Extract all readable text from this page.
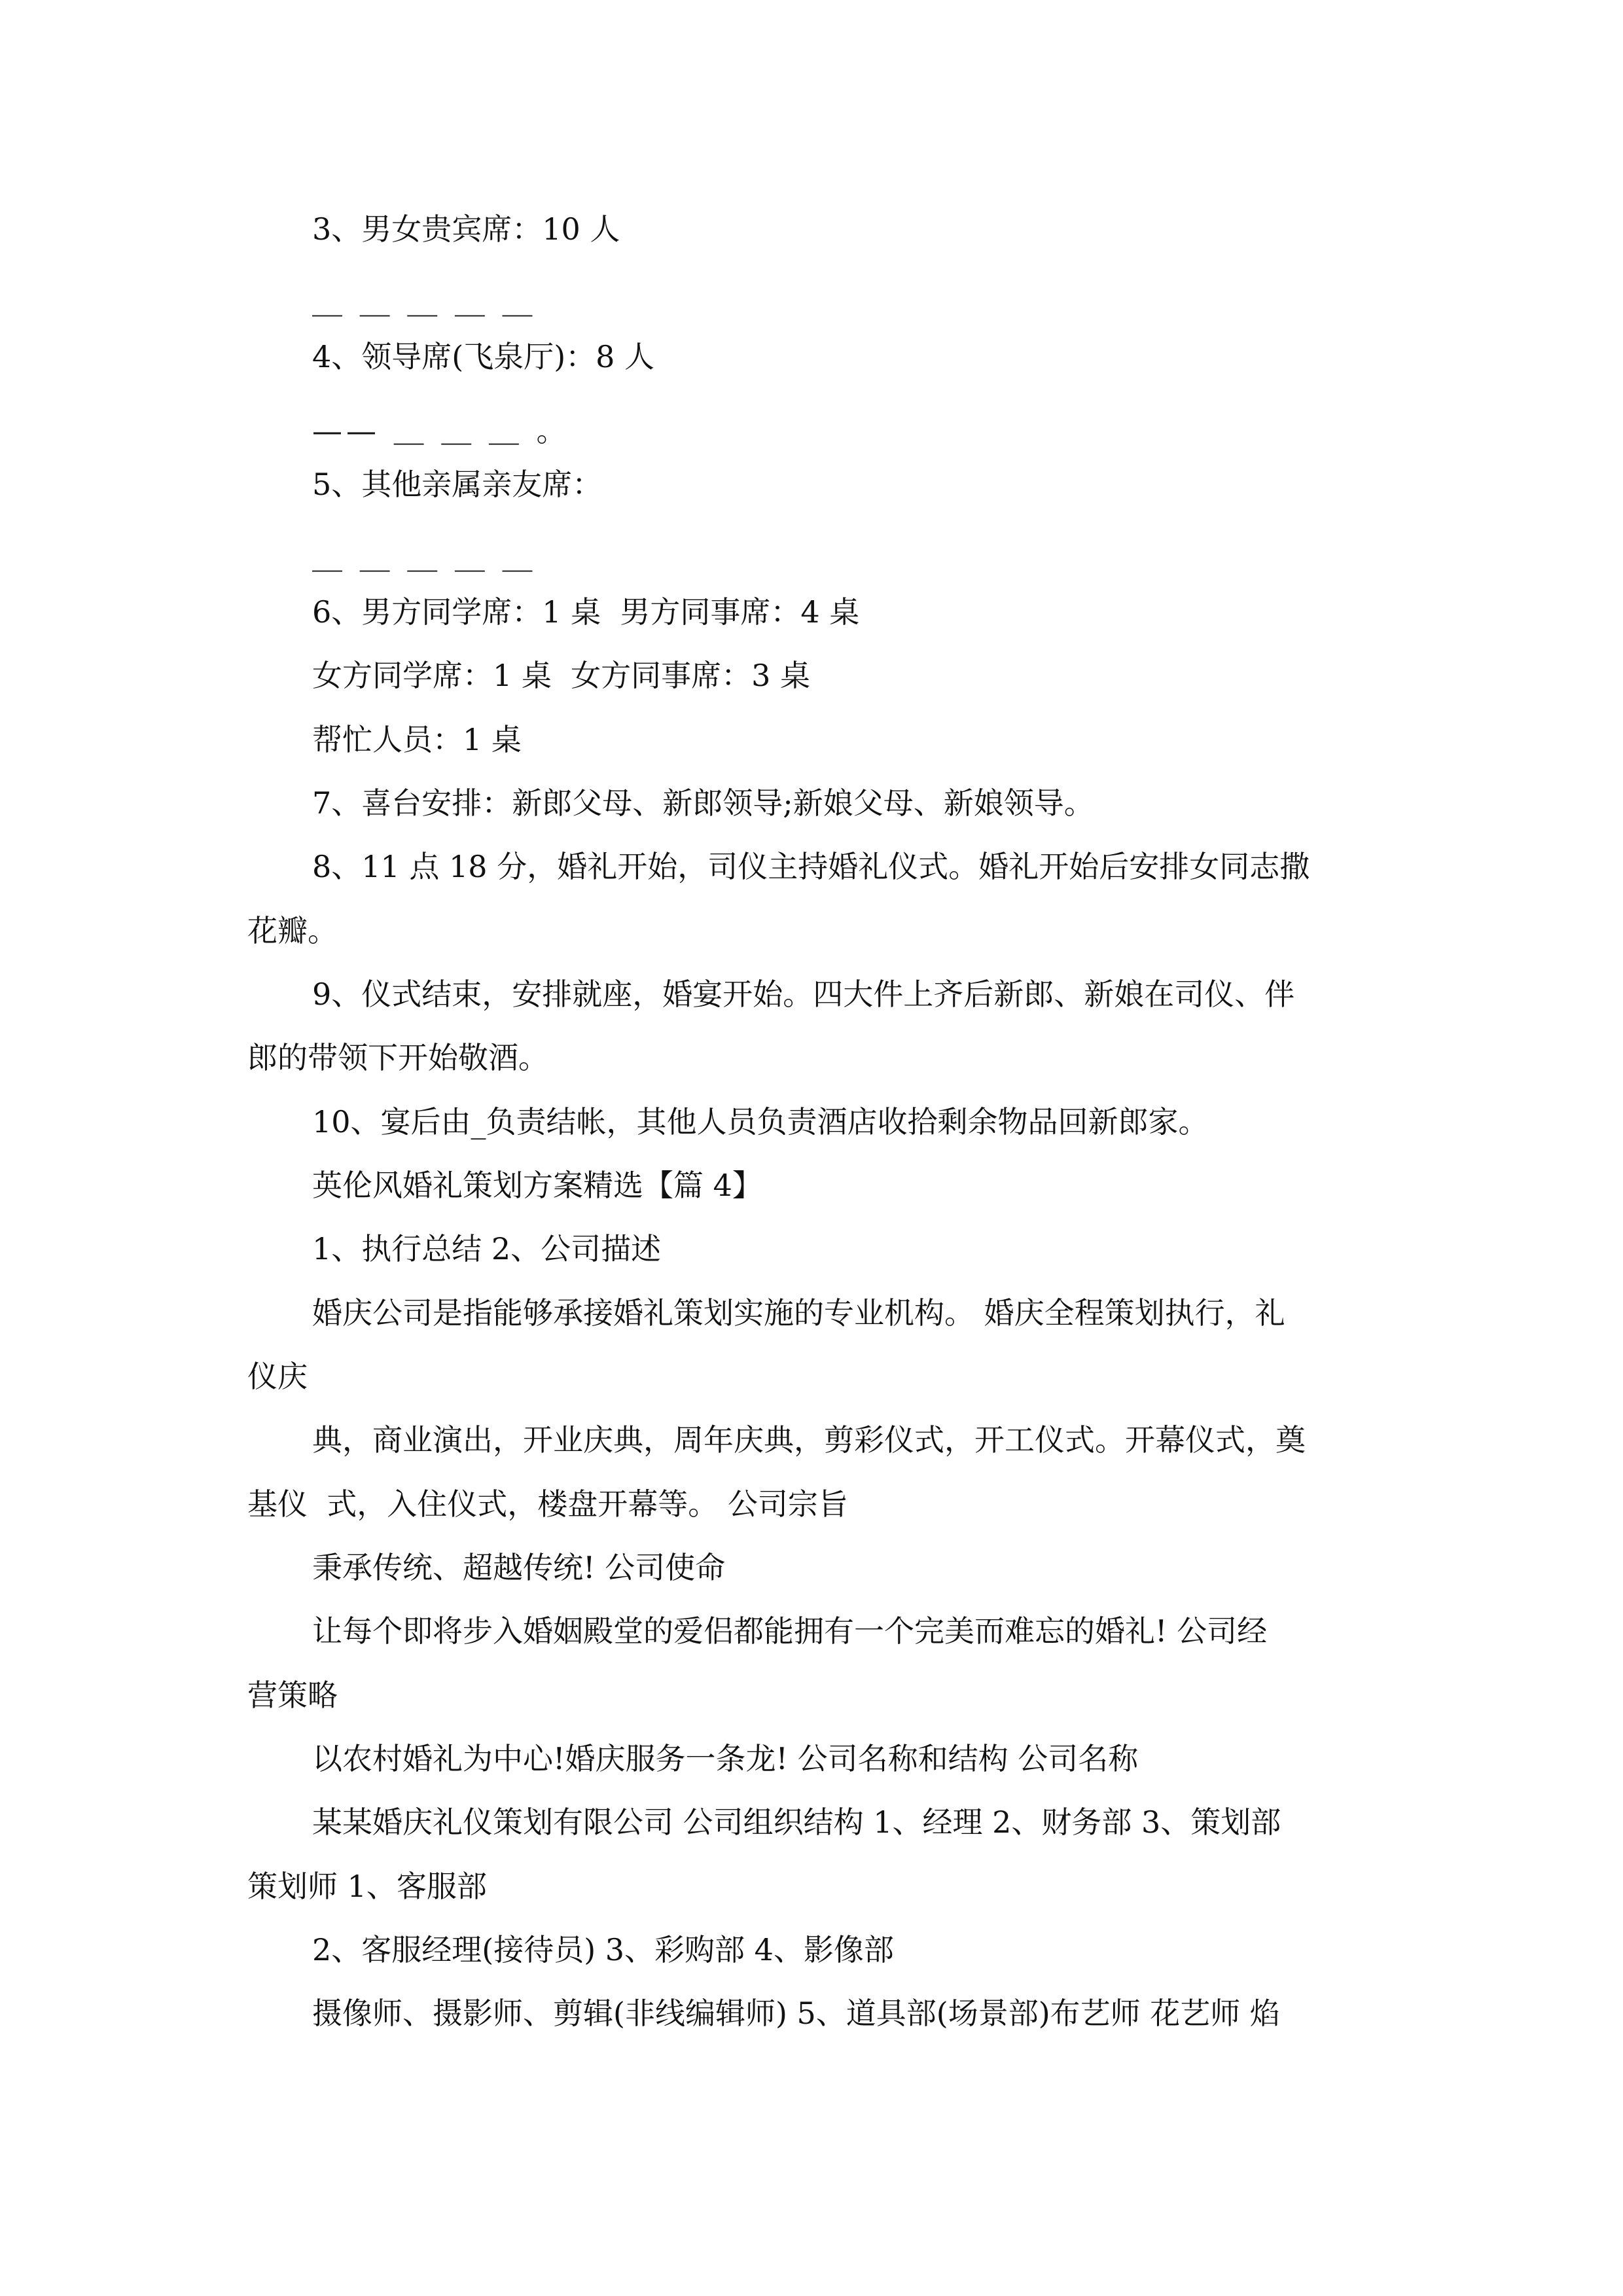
3、男女贵宾席：10 人
＿ ＿ ＿ ＿ ＿
4、领导席(飞泉厅)：8 人
—— ＿ ＿ ＿ 。
5、其他亲属亲友席：
＿ ＿ ＿ ＿ ＿
6、男方同学席：1 桌  男方同事席：4 桌
女方同学席：1 桌  女方同事席：3 桌
帮忙人员：1 桌
7、喜台安排：新郎父母、新郎领导;新娘父母、新娘领导。
8、11 点 18 分，婚礼开始，司仪主持婚礼仪式。婚礼开始后安排女同志撒
花瓣。
9、仪式结束，安排就座，婚宴开始。四大件上齐后新郎、新娘在司仪、伴
郎的带领下开始敬酒。
10、宴后由_负责结帐，其他人员负责酒店收拾剩余物品回新郎家。
英伦风婚礼策划方案精选【篇 4】
1、执行总结 2、公司描述
婚庆公司是指能够承接婚礼策划实施的专业机构。 婚庆全程策划执行，礼
仪庆
典，商业演出，开业庆典，周年庆典，剪彩仪式，开工仪式。开幕仪式，奠
基仪  式，入住仪式，楼盘开幕等。 公司宗旨
秉承传统、超越传统! 公司使命
让每个即将步入婚姻殿堂的爱侣都能拥有一个完美而难忘的婚礼! 公司经
营策略
以农村婚礼为中心!婚庆服务一条龙! 公司名称和结构 公司名称
某某婚庆礼仪策划有限公司 公司组织结构 1、经理 2、财务部 3、策划部
策划师 1、客服部
2、客服经理(接待员) 3、彩购部 4、影像部
摄像师、摄影师、剪辑(非线编辑师) 5、道具部(场景部)布艺师 花艺师 焰
